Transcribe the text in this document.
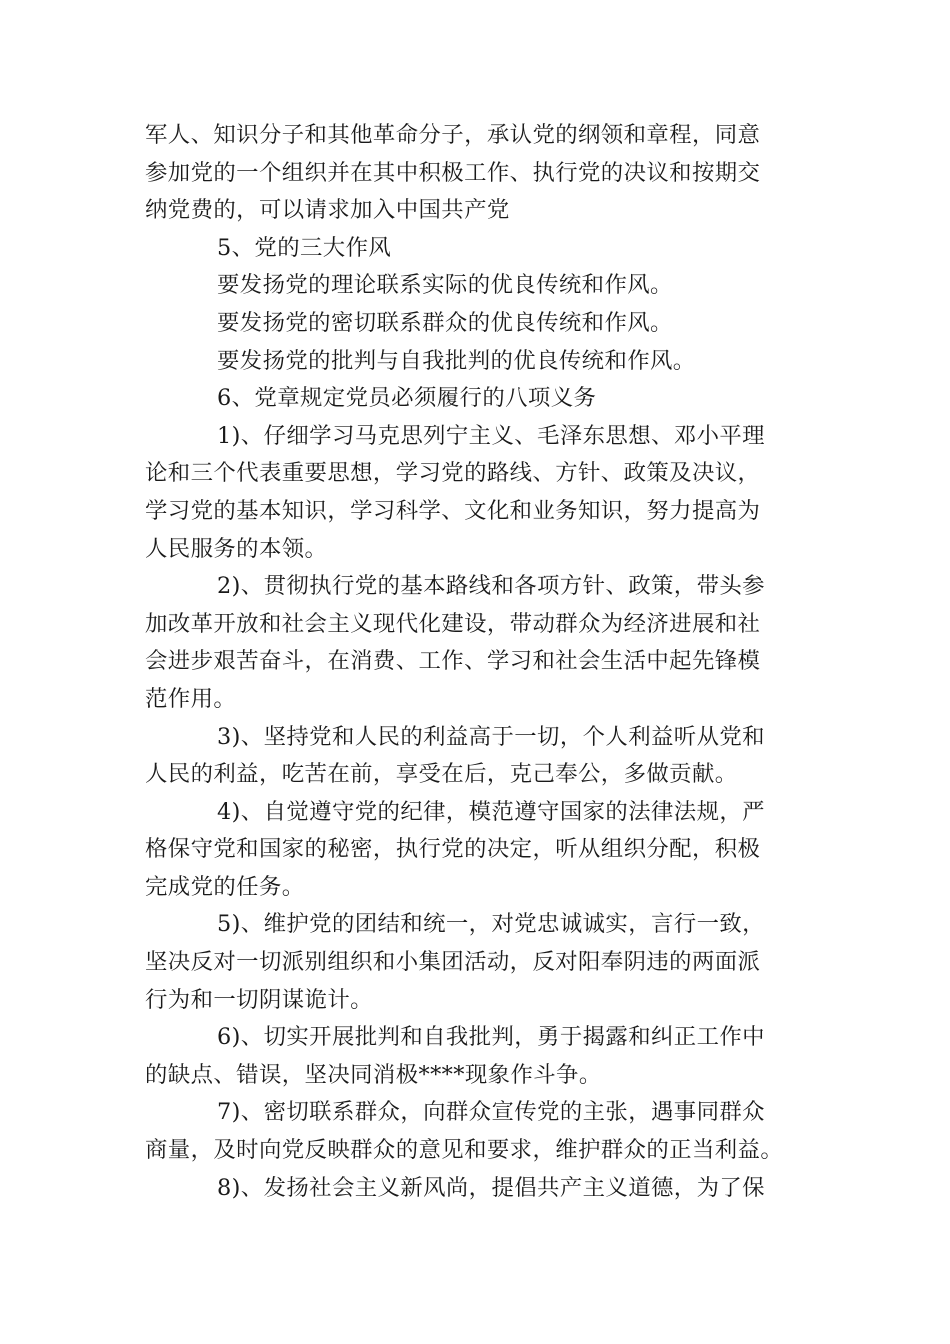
军人、知识分子和其他革命分子，承认党的纲领和章程，同意
参加党的一个组织并在其中积极工作、执行党的决议和按期交
纳党费的，可以请求加入中国共产党

5、党的三大作风

要发扬党的理论联系实际的优良传统和作风。

要发扬党的密切联系群众的优良传统和作风。

要发扬党的批判与自我批判的优良传统和作风。

6、党章规定党员必须履行的八项义务

1)、仔细学习马克思列宁主义、毛泽东思想、邓小平理
论和三个代表重要思想，学习党的路线、方针、政策及决议，
学习党的基本知识，学习科学、文化和业务知识，努力提高为
人民服务的本领。

2)、贯彻执行党的基本路线和各项方针、政策，带头参
加改革开放和社会主义现代化建设，带动群众为经济进展和社
会进步艰苦奋斗，在消费、工作、学习和社会生活中起先锋模
范作用。

3)、坚持党和人民的利益高于一切，个人利益听从党和
人民的利益，吃苦在前，享受在后，克己奉公，多做贡献。

4)、自觉遵守党的纪律，模范遵守国家的法律法规，严
格保守党和国家的秘密，执行党的决定，听从组织分配，积极
完成党的任务。

5)、维护党的团结和统一，对党忠诚诚实，言行一致，
坚决反对一切派别组织和小集团活动，反对阳奉阴违的两面派
行为和一切阴谋诡计。

6)、切实开展批判和自我批判，勇于揭露和纠正工作中
的缺点、错误，坚决同消极****现象作斗争。

7)、密切联系群众，向群众宣传党的主张，遇事同群众
商量，及时向党反映群众的意见和要求，维护群众的正当利益。

8)、发扬社会主义新风尚，提倡共产主义道德，为了保
